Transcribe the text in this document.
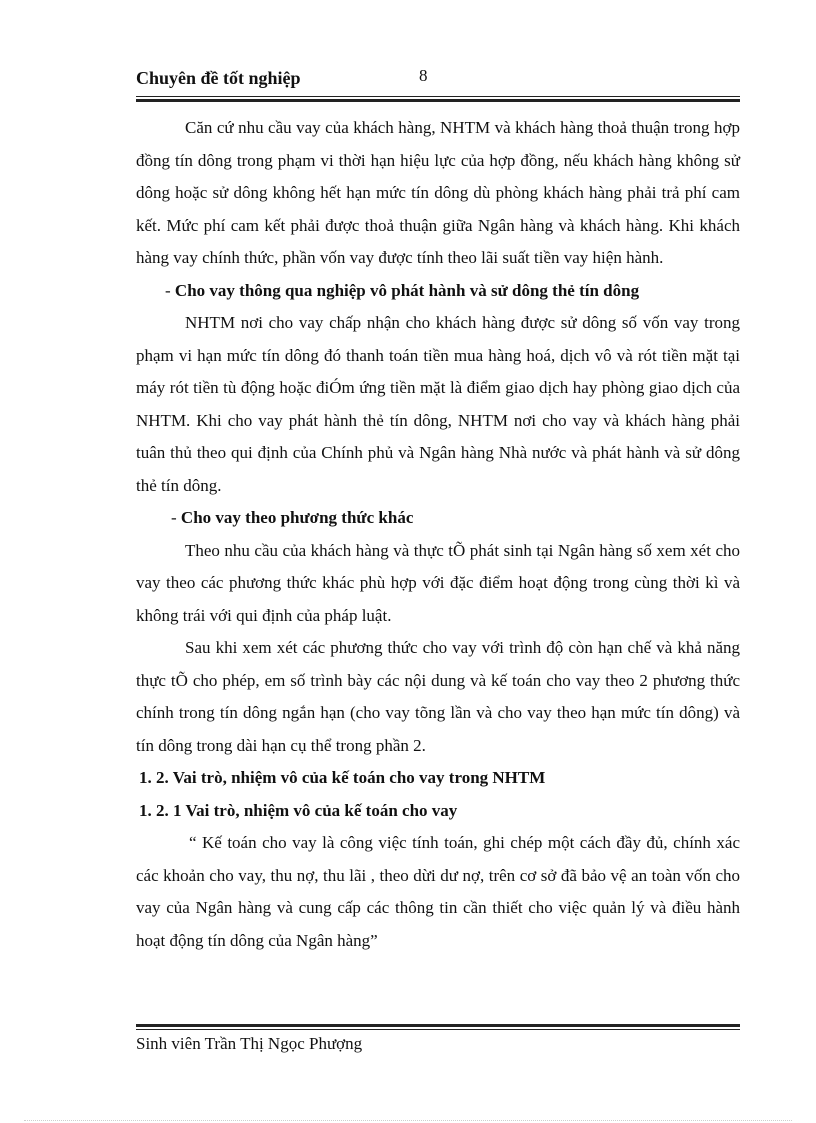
Chuyên đề tốt nghiệp	8

Căn cứ nhu cầu vay của khách hàng, NHTM và khách hàng thoả thuận trong hợp đồng tín dông trong phạm vi thời hạn hiệu lực của hợp đồng, nếu khách hàng không sử dông hoặc sử dông không hết hạn mức tín dông dù phòng khách hàng phải trả phí cam kết. Mức phí cam kết phải được thoả thuận giữa Ngân hàng và khách hàng. Khi khách hàng vay chính thức, phần vốn vay được tính theo lãi suất tiền vay hiện hành.

- Cho vay thông qua nghiệp vô phát hành và sử dông thẻ tín dông

NHTM nơi cho vay chấp nhận cho khách hàng được sử dông số vốn vay trong phạm vi hạn mức tín dông đó thanh toán tiền mua hàng hoá, dịch vô và rót tiền mặt tại máy rót tiền tù động hoặc điÓm ứng tiền mặt là điểm giao dịch hay phòng giao dịch của NHTM. Khi cho vay phát hành thẻ tín dông, NHTM nơi cho vay và khách hàng phải tuân thủ theo qui định của Chính phủ và Ngân hàng Nhà nước và phát hành và sử dông thẻ tín dông.

- Cho vay theo phương thức khác

Theo nhu cầu của khách hàng và thực tÕ phát sinh tại Ngân hàng số xem xét cho vay theo các phương thức khác phù hợp với đặc điểm hoạt động trong cùng thời kì và không trái với qui định của pháp luật.

Sau khi xem xét các phương thức cho vay với trình độ còn hạn chế và khả năng thực tÕ cho phép, em số trình bày các nội dung và kế toán cho vay theo 2 phương thức chính trong tín dông ngắn hạn (cho vay tõng lần và cho vay theo hạn mức tín dông) và tín dông trong dài hạn cụ thể trong phần 2.

1. 2. Vai trò, nhiệm vô của kế toán cho vay trong NHTM

1. 2. 1 Vai trò, nhiệm vô của kế toán cho vay

“ Kế toán cho vay là công việc tính toán, ghi chép một cách đầy đủ, chính xác các khoản cho vay, thu nợ, thu lãi , theo dừi dư nợ, trên cơ sở đã bảo vệ an toàn vốn cho vay của Ngân hàng và cung cấp các thông tin cần thiết cho việc quản lý và điều hành hoạt động tín dông của Ngân hàng”

Sinh viên Trần Thị Ngọc Phượng
